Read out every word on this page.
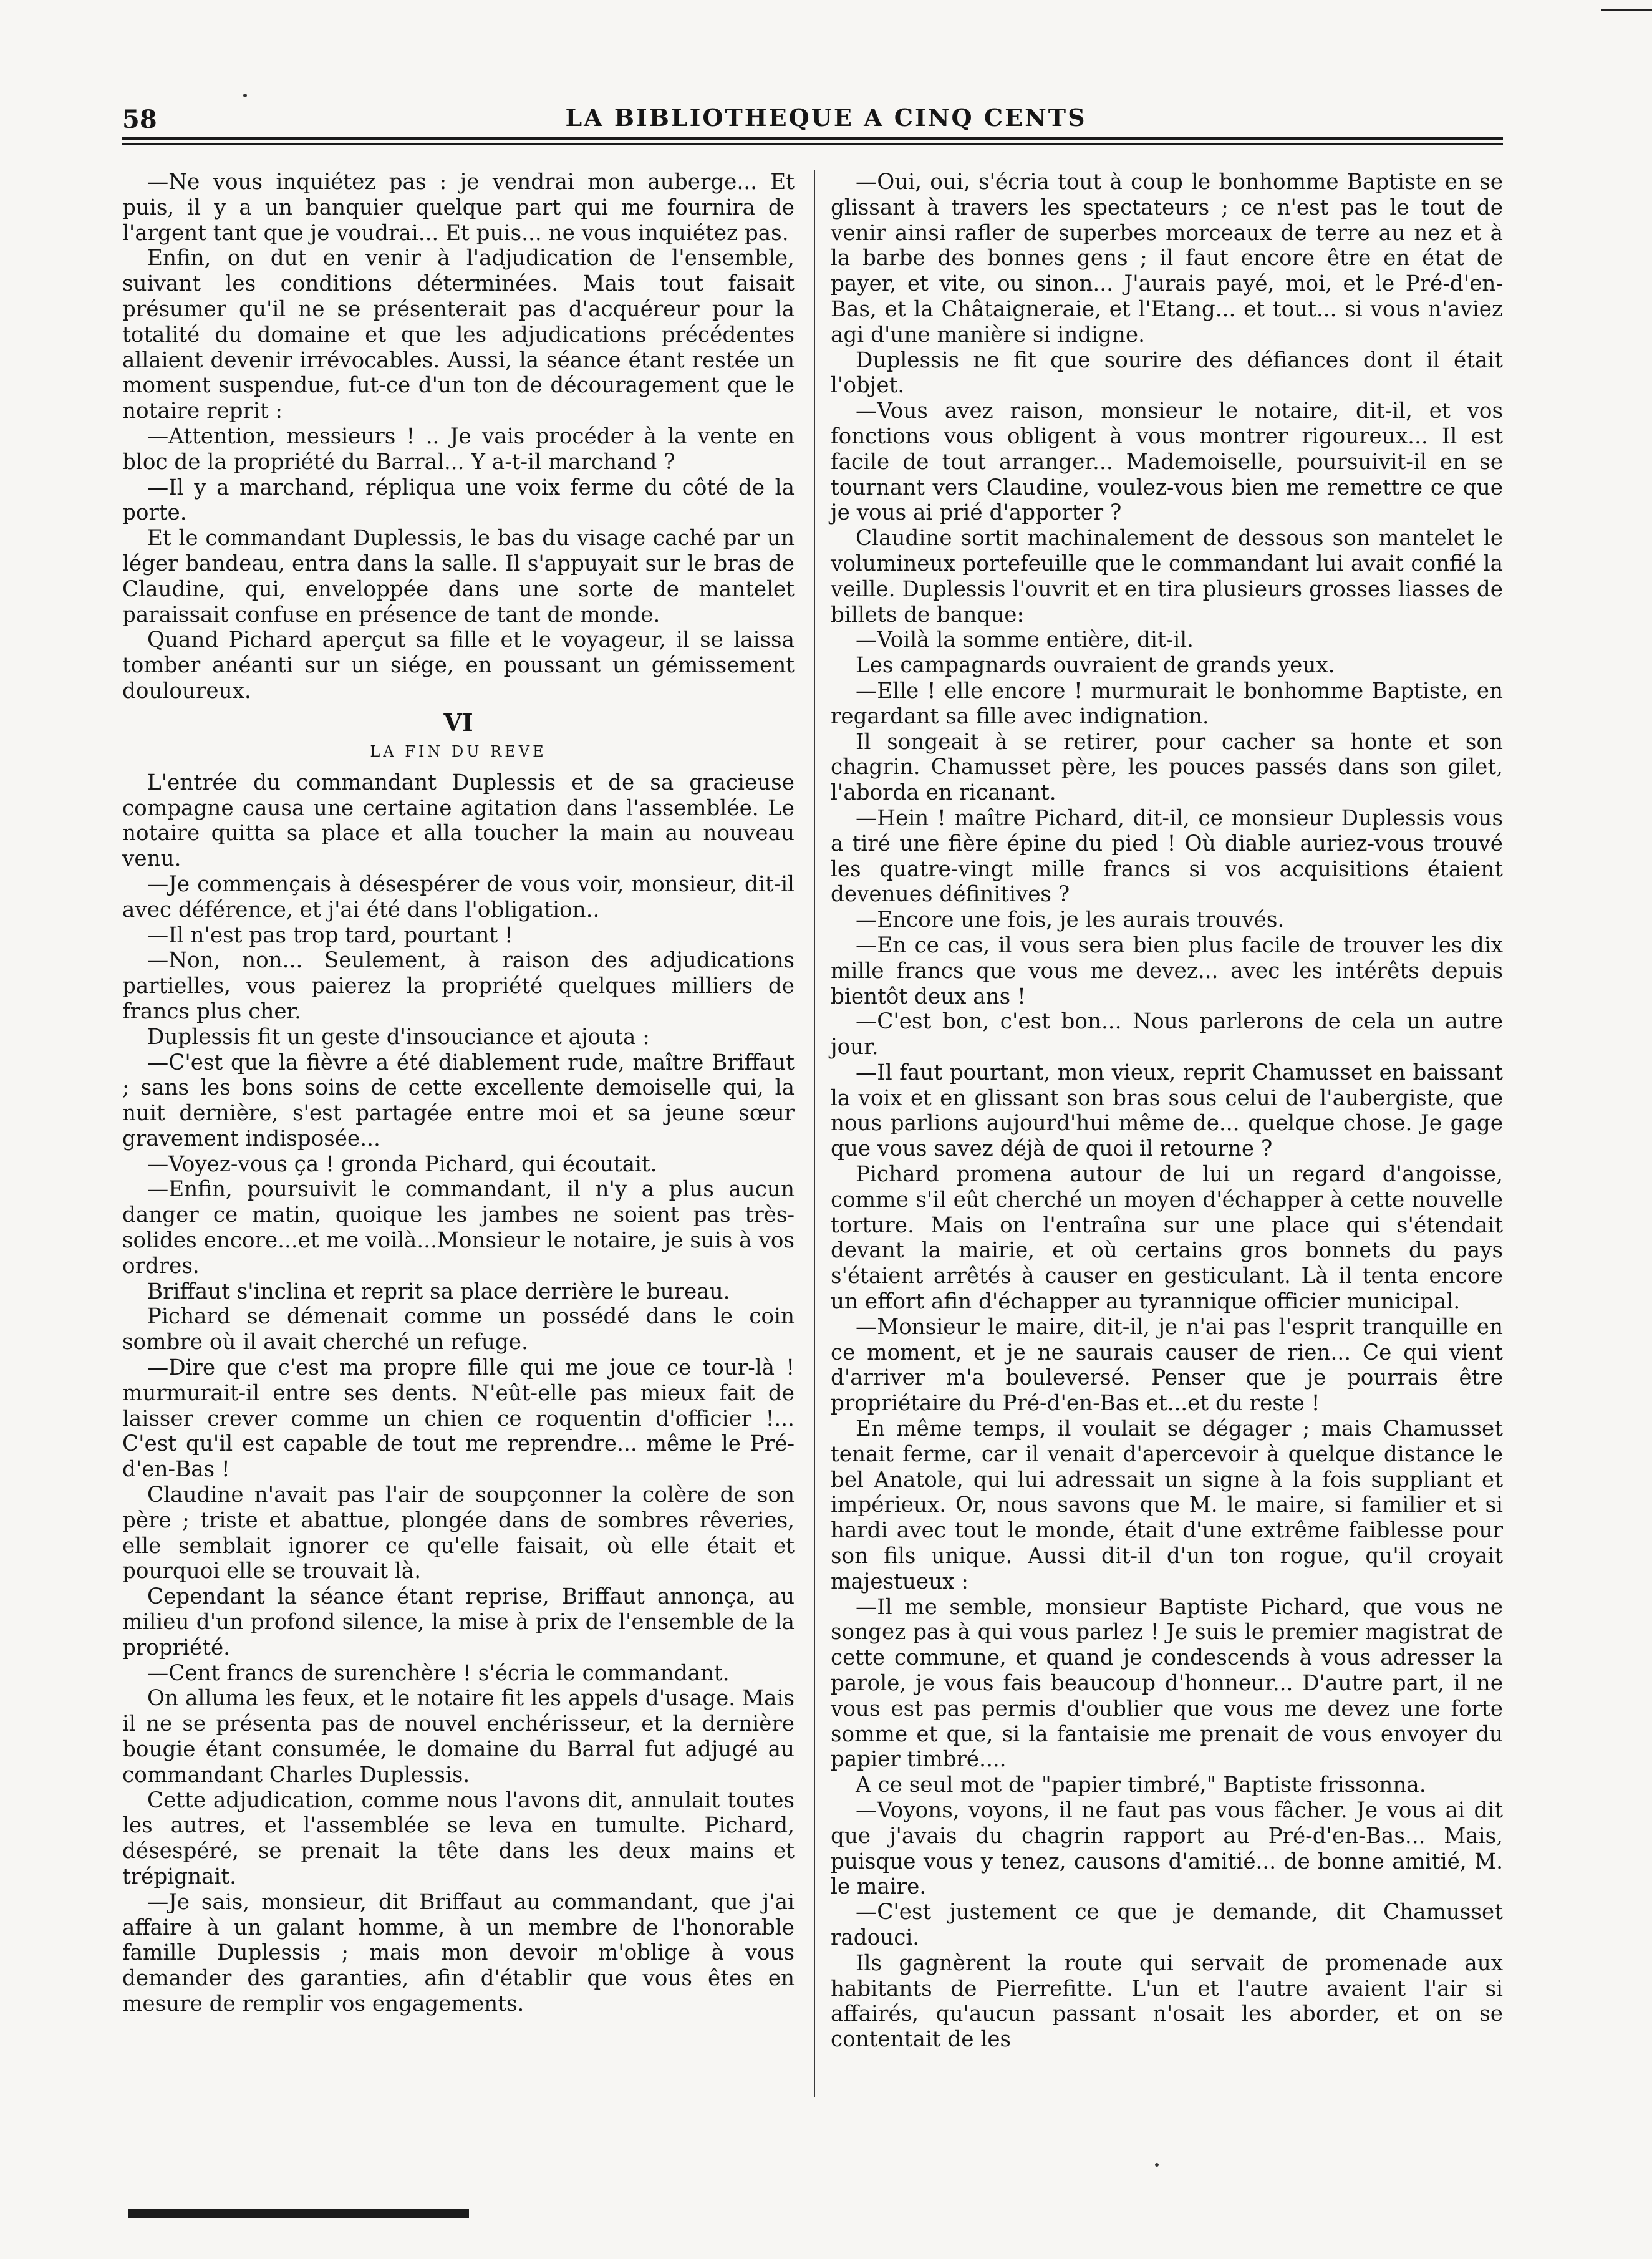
58	LA BIBLIOTHEQUE A CINQ CENTS

—Ne vous inquiétez pas : je vendrai mon auberge... Et puis, il y a un banquier quelque part qui me fournira de l'argent tant que je voudrai... Et puis... ne vous inquiétez pas.

Enfin, on dut en venir à l'adjudication de l'ensemble, suivant les conditions déterminées. Mais tout faisait présumer qu'il ne se présenterait pas d'acquéreur pour la totalité du domaine et que les adjudications précédentes allaient devenir irrévocables. Aussi, la séance étant restée un moment suspendue, fut-ce d'un ton de découragement que le notaire reprit :

—Attention, messieurs ! .. Je vais procéder à la vente en bloc de la propriété du Barral... Y a-t-il marchand ?

—Il y a marchand, répliqua une voix ferme du côté de la porte.

Et le commandant Duplessis, le bas du visage caché par un léger bandeau, entra dans la salle. Il s'appuyait sur le bras de Claudine, qui, enveloppée dans une sorte de mantelet paraissait confuse en présence de tant de monde.

Quand Pichard aperçut sa fille et le voyageur, il se laissa tomber anéanti sur un siége, en poussant un gémissement douloureux.

VI
LA FIN DU REVE

L'entrée du commandant Duplessis et de sa gracieuse compagne causa une certaine agitation dans l'assemblée. Le notaire quitta sa place et alla toucher la main au nouveau venu.

—Je commençais à désespérer de vous voir, monsieur, dit-il avec déférence, et j'ai été dans l'obligation..

—Il n'est pas trop tard, pourtant !

—Non, non... Seulement, à raison des adjudications partielles, vous paierez la propriété quelques milliers de francs plus cher.

Duplessis fit un geste d'insouciance et ajouta :

—C'est que la fièvre a été diablement rude, maître Briffaut ; sans les bons soins de cette excellente demoiselle qui, la nuit dernière, s'est partagée entre moi et sa jeune sœur gravement indisposée...

—Voyez-vous ça ! gronda Pichard, qui écoutait.

—Enfin, poursuivit le commandant, il n'y a plus aucun danger ce matin, quoique les jambes ne soient pas très-solides encore...et me voilà...Monsieur le notaire, je suis à vos ordres.

Briffaut s'inclina et reprit sa place derrière le bureau.

Pichard se démenait comme un possédé dans le coin sombre où il avait cherché un refuge.

—Dire que c'est ma propre fille qui me joue ce tour-là ! murmurait-il entre ses dents. N'eût-elle pas mieux fait de laisser crever comme un chien ce roquentin d'officier !... C'est qu'il est capable de tout me reprendre... même le Pré-d'en-Bas !

Claudine n'avait pas l'air de soupçonner la colère de son père ; triste et abattue, plongée dans de sombres rêveries, elle semblait ignorer ce qu'elle faisait, où elle était et pourquoi elle se trouvait là.

Cependant la séance étant reprise, Briffaut annonça, au milieu d'un profond silence, la mise à prix de l'ensemble de la propriété.

—Cent francs de surenchère ! s'écria le commandant.

On alluma les feux, et le notaire fit les appels d'usage. Mais il ne se présenta pas de nouvel enchérisseur, et la dernière bougie étant consumée, le domaine du Barral fut adjugé au commandant Charles Duplessis.

Cette adjudication, comme nous l'avons dit, annulait toutes les autres, et l'assemblée se leva en tumulte. Pichard, désespéré, se prenait la tête dans les deux mains et trépignait.

—Je sais, monsieur, dit Briffaut au commandant, que j'ai affaire à un galant homme, à un membre de l'honorable famille Duplessis ; mais mon devoir m'oblige à vous demander des garanties, afin d'établir que vous êtes en mesure de remplir vos engagements.

—Oui, oui, s'écria tout à coup le bonhomme Baptiste en se glissant à travers les spectateurs ; ce n'est pas le tout de venir ainsi rafler de superbes morceaux de terre au nez et à la barbe des bonnes gens ; il faut encore être en état de payer, et vite, ou sinon... J'aurais payé, moi, et le Pré-d'en-Bas, et la Châtaigneraie, et l'Etang... et tout... si vous n'aviez agi d'une manière si indigne.

Duplessis ne fit que sourire des défiances dont il était l'objet.

—Vous avez raison, monsieur le notaire, dit-il, et vos fonctions vous obligent à vous montrer rigoureux... Il est facile de tout arranger... Mademoiselle, poursuivit-il en se tournant vers Claudine, voulez-vous bien me remettre ce que je vous ai prié d'apporter ?

Claudine sortit machinalement de dessous son mantelet le volumineux portefeuille que le commandant lui avait confié la veille. Duplessis l'ouvrit et en tira plusieurs grosses liasses de billets de banque:

—Voilà la somme entière, dit-il.

Les campagnards ouvraient de grands yeux.

—Elle ! elle encore ! murmurait le bonhomme Baptiste, en regardant sa fille avec indignation.

Il songeait à se retirer, pour cacher sa honte et son chagrin. Chamusset père, les pouces passés dans son gilet, l'aborda en ricanant.

—Hein ! maître Pichard, dit-il, ce monsieur Duplessis vous a tiré une fière épine du pied ! Où diable auriez-vous trouvé les quatre-vingt mille francs si vos acquisitions étaient devenues définitives ?

—Encore une fois, je les aurais trouvés.

—En ce cas, il vous sera bien plus facile de trouver les dix mille francs que vous me devez... avec les intérêts depuis bientôt deux ans !

—C'est bon, c'est bon... Nous parlerons de cela un autre jour.

—Il faut pourtant, mon vieux, reprit Chamusset en baissant la voix et en glissant son bras sous celui de l'aubergiste, que nous parlions aujourd'hui même de... quelque chose. Je gage que vous savez déjà de quoi il retourne ?

Pichard promena autour de lui un regard d'angoisse, comme s'il eût cherché un moyen d'échapper à cette nouvelle torture. Mais on l'entraîna sur une place qui s'étendait devant la mairie, et où certains gros bonnets du pays s'étaient arrêtés à causer en gesticulant. Là il tenta encore un effort afin d'échapper au tyrannique officier municipal.

—Monsieur le maire, dit-il, je n'ai pas l'esprit tranquille en ce moment, et je ne saurais causer de rien... Ce qui vient d'arriver m'a bouleversé. Penser que je pourrais être propriétaire du Pré-d'en-Bas et...et du reste !

En même temps, il voulait se dégager ; mais Chamusset tenait ferme, car il venait d'apercevoir à quelque distance le bel Anatole, qui lui adressait un signe à la fois suppliant et impérieux. Or, nous savons que M. le maire, si familier et si hardi avec tout le monde, était d'une extrême faiblesse pour son fils unique. Aussi dit-il d'un ton rogue, qu'il croyait majestueux :

—Il me semble, monsieur Baptiste Pichard, que vous ne songez pas à qui vous parlez ! Je suis le premier magistrat de cette commune, et quand je condescends à vous adresser la parole, je vous fais beaucoup d'honneur... D'autre part, il ne vous est pas permis d'oublier que vous me devez une forte somme et que, si la fantaisie me prenait de vous envoyer du papier timbré....

A ce seul mot de "papier timbré," Baptiste frissonna.

—Voyons, voyons, il ne faut pas vous fâcher. Je vous ai dit que j'avais du chagrin rapport au Pré-d'en-Bas... Mais, puisque vous y tenez, causons d'amitié... de bonne amitié, M. le maire.

—C'est justement ce que je demande, dit Chamusset radouci.

Ils gagnèrent la route qui servait de promenade aux habitants de Pierrefitte. L'un et l'autre avaient l'air si affairés, qu'aucun passant n'osait les aborder, et on se contentait de les
